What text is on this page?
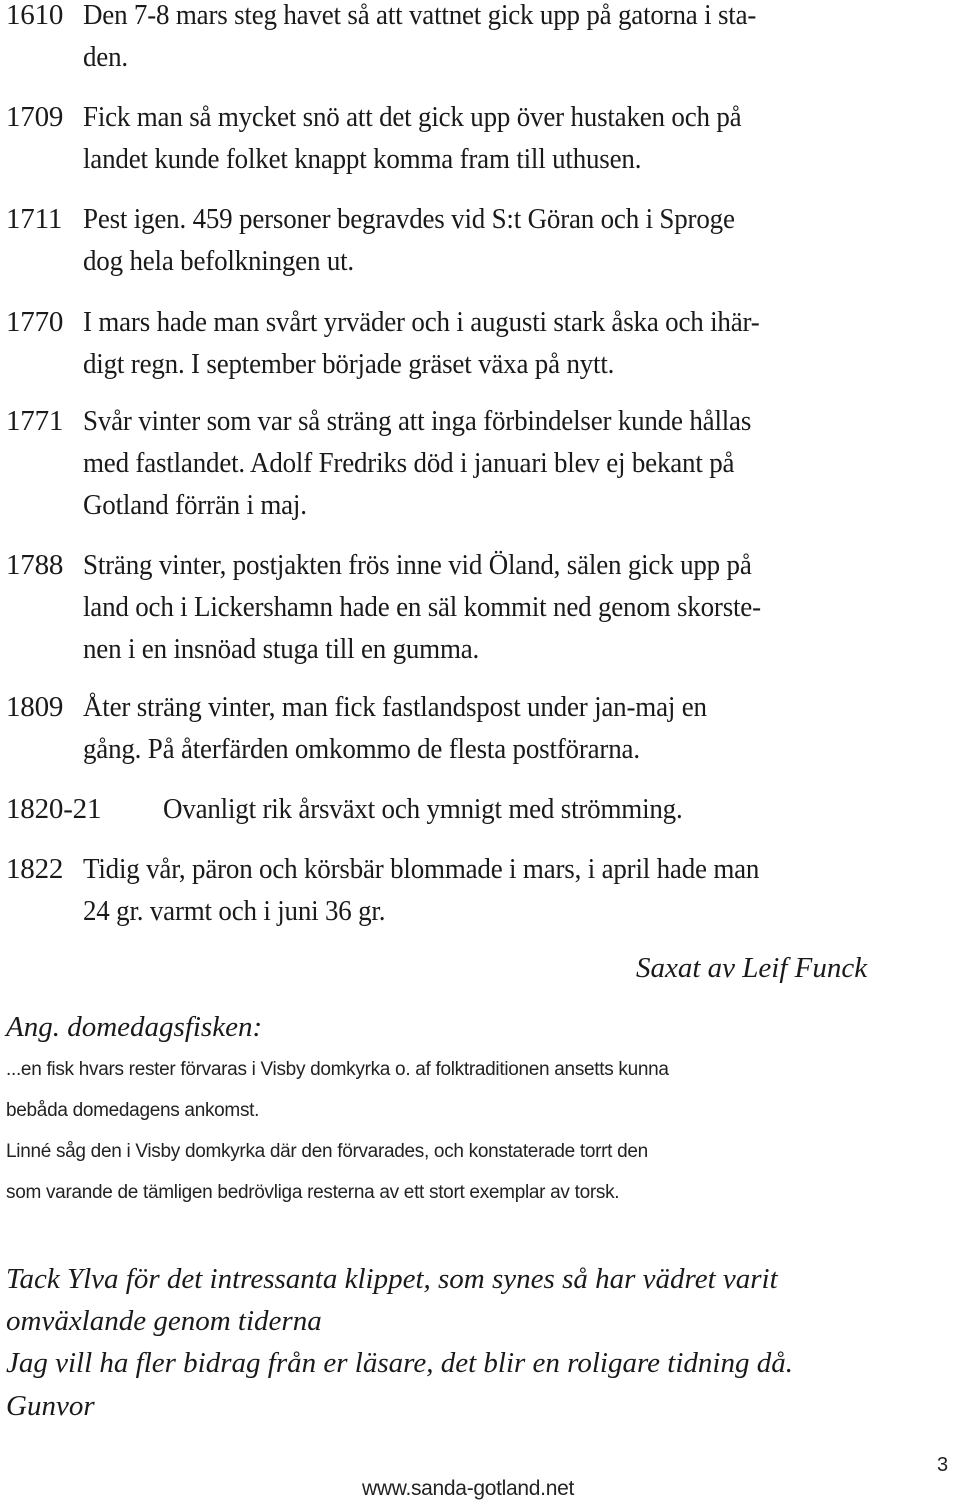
1610 Den 7-8 mars steg havet så att vattnet gick upp på gatorna i sta-
den.
1709 Fick man så mycket snö att det gick upp över hustaken och på
landet kunde folket knappt komma fram till uthusen.
1711 Pest igen. 459 personer begravdes vid S:t Göran och i Sproge
dog hela befolkningen ut.
1770 I mars hade man svårt yrväder och i augusti stark åska och ihär-
digt regn. I september började gräset växa på nytt.
1771 Svår vinter som var så sträng att inga förbindelser kunde hållas
med fastlandet. Adolf Fredriks död i januari blev ej bekant på
Gotland förrän i maj.
1788 Sträng vinter, postjakten frös inne vid Öland, sälen gick upp på
land och i Lickershamn hade en säl kommit ned genom skorste-
nen i en insnöad stuga till en gumma.
1809 Åter sträng vinter, man fick fastlandspost under jan-maj en
gång. På återfärden omkommo de flesta postförarna.
1820-21 Ovanligt rik årsväxt och ymnigt med strömming.
1822 Tidig vår, päron och körsbär blommade i mars, i april hade man
24 gr. varmt och i juni 36 gr.
Saxat av Leif Funck
Ang. domedagsfisken:
...en fisk hvars rester förvaras i Visby domkyrka o. af folktraditionen ansetts kunna
bebåda domedagens ankomst.
Linné såg den i Visby domkyrka där den förvarades, och konstaterade torrt den
som varande de tämligen bedrövliga resterna av ett stort exemplar av torsk.
Tack Ylva för det intressanta klippet, som synes så har vädret varit
omväxlande genom tiderna
Jag vill ha fler bidrag från er läsare, det blir en roligare tidning då.
Gunvor
www.sanda-gotland.net
3
